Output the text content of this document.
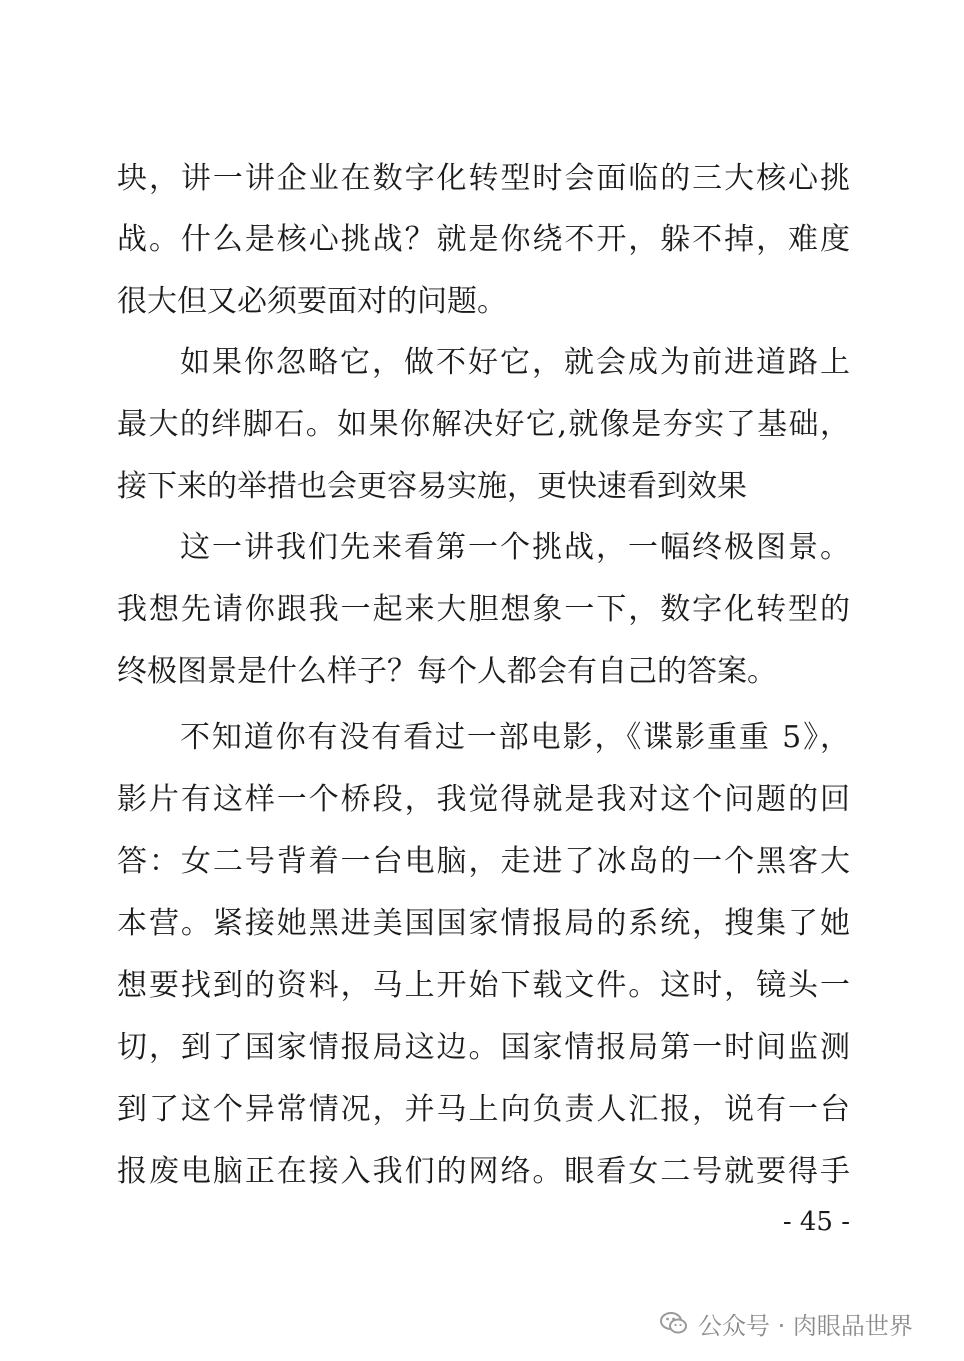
块，讲一讲企业在数字化转型时会面临的三大核心挑
战。什么是核心挑战？就是你绕不开，躲不掉，难度
很大但又必须要面对的问题。
如果你忽略它，做不好它，就会成为前进道路上
最大的绊脚石。如果你解决好它,就像是夯实了基础，
接下来的举措也会更容易实施，更快速看到效果
这一讲我们先来看第一个挑战，一幅终极图景。
我想先请你跟我一起来大胆想象一下，数字化转型的
终极图景是什么样子？每个人都会有自己的答案。
不知道你有没有看过一部电影，《谍影重重 5》，
影片有这样一个桥段，我觉得就是我对这个问题的回
答：女二号背着一台电脑，走进了冰岛的一个黑客大
本营。紧接她黑进美国国家情报局的系统，搜集了她
想要找到的资料，马上开始下载文件。这时，镜头一
切，到了国家情报局这边。国家情报局第一时间监测
到了这个异常情况，并马上向负责人汇报，说有一台
报废电脑正在接入我们的网络。眼看女二号就要得手
- 45 -
公众号 · 肉眼品世界
